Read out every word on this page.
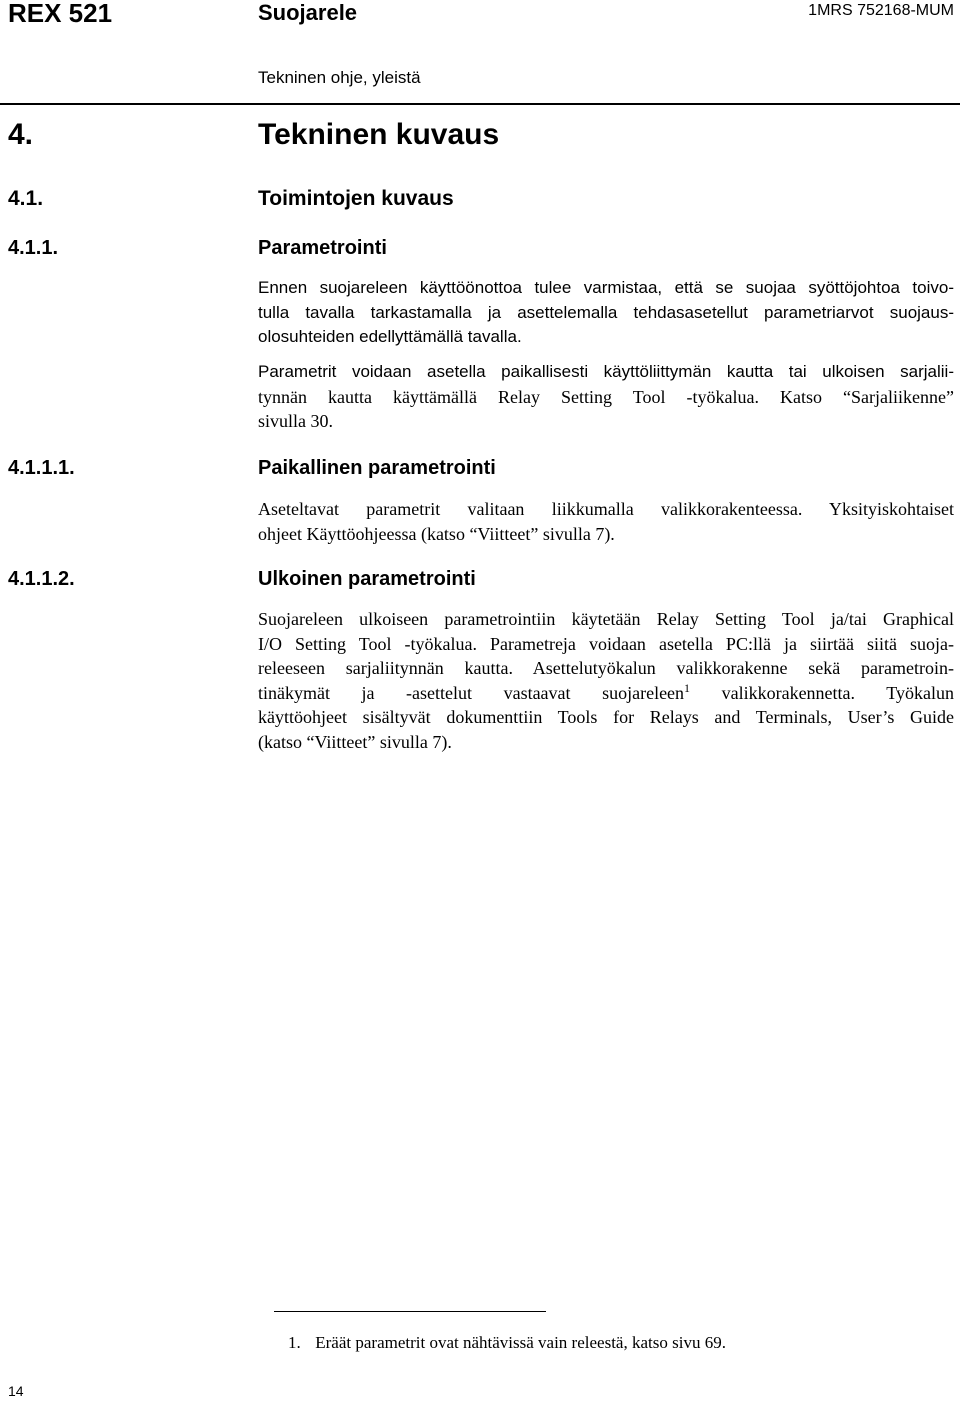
REX 521	Suojarele	1MRS 752168-MUM
Tekninen ohje, yleistä
4.	Tekninen kuvaus
4.1.	Toimintojen kuvaus
4.1.1.	Parametrointi
Ennen suojareleen käyttöönottoa tulee varmistaa, että se suojaa syöttöjohtoa toivo-
tulla tavalla tarkastamalla ja asettelemalla tehdasasetellut parametriarvot suojaus-
olosuhteiden edellyttämällä tavalla.
Parametrit voidaan asetella paikallisesti käyttöliittymän kautta tai ulkoisen sarjalii-
tynnän kautta käyttämällä Relay Setting Tool -työkalua. Katso “Sarjaliikenne”
sivulla 30.
4.1.1.1.	Paikallinen parametrointi
Aseteltavat parametrit valitaan liikkumalla valikkorakenteessa. Yksityiskohtaiset
ohjeet Käyttöohjeessa (katso “Viitteet” sivulla 7).
4.1.1.2.	Ulkoinen parametrointi
Suojareleen ulkoiseen parametrointiin käytetään Relay Setting Tool ja/tai Graphical
I/O Setting Tool -työkalua. Parametreja voidaan asetella PC:llä ja siirtää siitä suoja-
releeseen sarjaliitynnän kautta. Asettelutyökalun valikkorakenne sekä parametroin-
tinäkymät ja -asettelut vastaavat suojareleen$^1$ valikkorakennetta. Työkalun
käyttöohjeet sisältyvät dokumenttiin Tools for Relays and Terminals, User’s Guide
(katso “Viitteet” sivulla 7).
1. Eräät parametrit ovat nähtävissä vain releestä, katso sivu 69.
14
